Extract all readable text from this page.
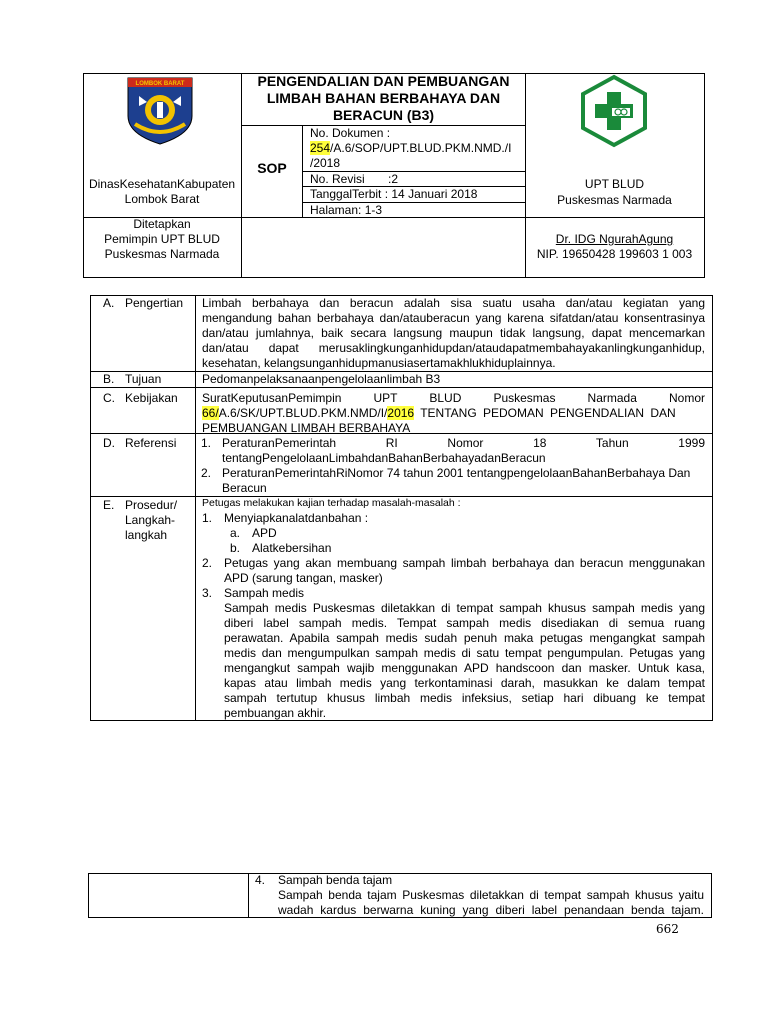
LOMBOK BARAT
DinasKesehatanKabupaten Lombok Barat
PENGENDALIAN DAN PEMBUANGAN LIMBAH BAHAN BERBAHAYA DAN BERACUN (B3)
SOP
No. Dokumen :
254/A.6/SOP/UPT.BLUD.PKM.NMD./I
/2018
No. Revisi       :2
TanggalTerbit : 14 Januari 2018
Halaman: 1-3
UPT BLUD
Puskesmas Narmada
Ditetapkan
Pemimpin UPT BLUD
Puskesmas Narmada
Dr. IDG NgurahAgung
NIP. 19650428 199603 1 003
A. Pengertian
B. Tujuan
C. Kebijakan
D. Referensi
E. Prosedur/
Langkah-
langkah
Limbah berbahaya dan beracun adalah sisa suatu usaha dan/atau kegiatan yang
mengandung bahan berbahaya dan/atauberacun yang karena sifatdan/atau konsentrasinya
dan/atau jumlahnya, baik secara langsung maupun tidak langsung, dapat mencemarkan
dan/atau dapat merusaklingkunganhidupdan/ataudapatmembahayakanlingkunganhidup,
kesehatan, kelangsunganhidupmanusiasertamakhlukhiduplainnya.
Pedomanpelaksanaanpengelolaanlimbah B3
SuratKeputusanPemimpin UPT BLUD Puskesmas Narmada Nomor
66/A.6/SK/UPT.BLUD.PKM.NMD/I/2016 TENTANG PEDOMAN PENGENDALIAN DAN
PEMBUANGAN LIMBAH BERBAHAYA
1. PeraturanPemerintah RI Nomor 18 Tahun 1999
tentangPengelolaanLimbahdanBahanBerbahayadanBeracun
2. PeraturanPemerintahRiNomor 74 tahun 2001 tentangpengelolaanBahanBerbahaya Dan
Beracun
Petugas melakukan kajian terhadap masalah-masalah :
1. Menyiapkanalatdanbahan :
a. APD
b. Alatkebersihan
2. Petugas yang akan membuang sampah limbah berbahaya dan beracun menggunakan
APD (sarung tangan, masker)
3. Sampah medis
Sampah medis Puskesmas diletakkan di tempat sampah khusus sampah medis yang
diberi label sampah medis. Tempat sampah medis disediakan di semua ruang
perawatan. Apabila sampah medis sudah penuh maka petugas mengangkat sampah
medis dan mengumpulkan sampah medis di satu tempat pengumpulan. Petugas yang
mengangkut sampah wajib menggunakan APD handscoon dan masker. Untuk kasa,
kapas atau limbah medis yang terkontaminasi darah, masukkan ke dalam tempat
sampah tertutup khusus limbah medis infeksius, setiap hari dibuang ke tempat
pembuangan akhir.
4. Sampah benda tajam
Sampah benda tajam Puskesmas diletakkan di tempat sampah khusus yaitu
wadah kardus berwarna kuning yang diberi label penandaan benda tajam.
662
